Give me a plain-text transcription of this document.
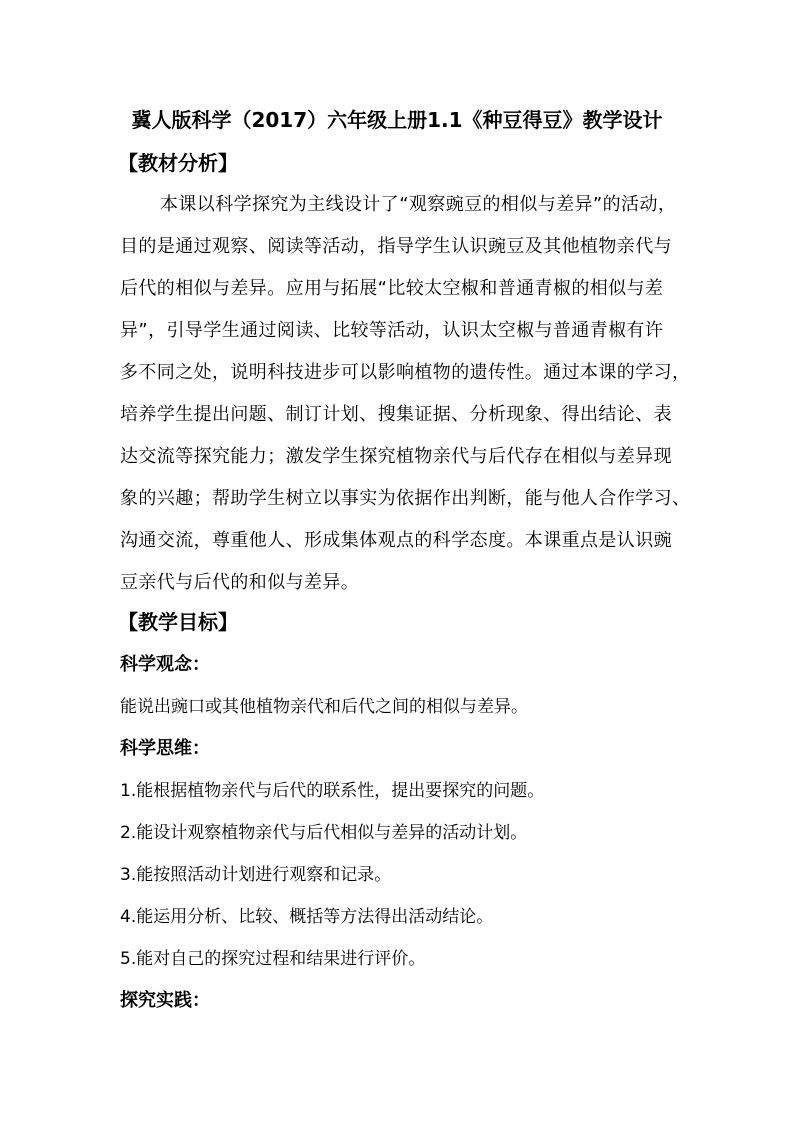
冀人版科学（2017）六年级上册1.1《种豆得豆》教学设计
【教材分析】
本课以科学探究为主线设计了“观察豌豆的相似与差异”的活动，
目的是通过观察、阅读等活动，指导学生认识豌豆及其他植物亲代与
后代的相似与差异。应用与拓展“比较太空椒和普通青椒的相似与差
异”，引导学生通过阅读、比较等活动，认识太空椒与普通青椒有许
多不同之处，说明科技进步可以影响植物的遗传性。通过本课的学习，
培养学生提出问题、制订计划、搜集证据、分析现象、得出结论、表
达交流等探究能力；激发学生探究植物亲代与后代存在相似与差异现
象的兴趣；帮助学生树立以事实为依据作出判断，能与他人合作学习、
沟通交流，尊重他人、形成集体观点的科学态度。本课重点是认识豌
豆亲代与后代的和似与差异。
【教学目标】
科学观念：
能说出豌口或其他植物亲代和后代之间的相似与差异。
科学思维：
1.能根据植物亲代与后代的联系性，提出要探究的问题。
2.能设计观察植物亲代与后代相似与差异的活动计划。
3.能按照活动计划进行观察和记录。
4.能运用分析、比较、概括等方法得出活动结论。
5.能对自己的探究过程和结果进行评价。
探究实践：
